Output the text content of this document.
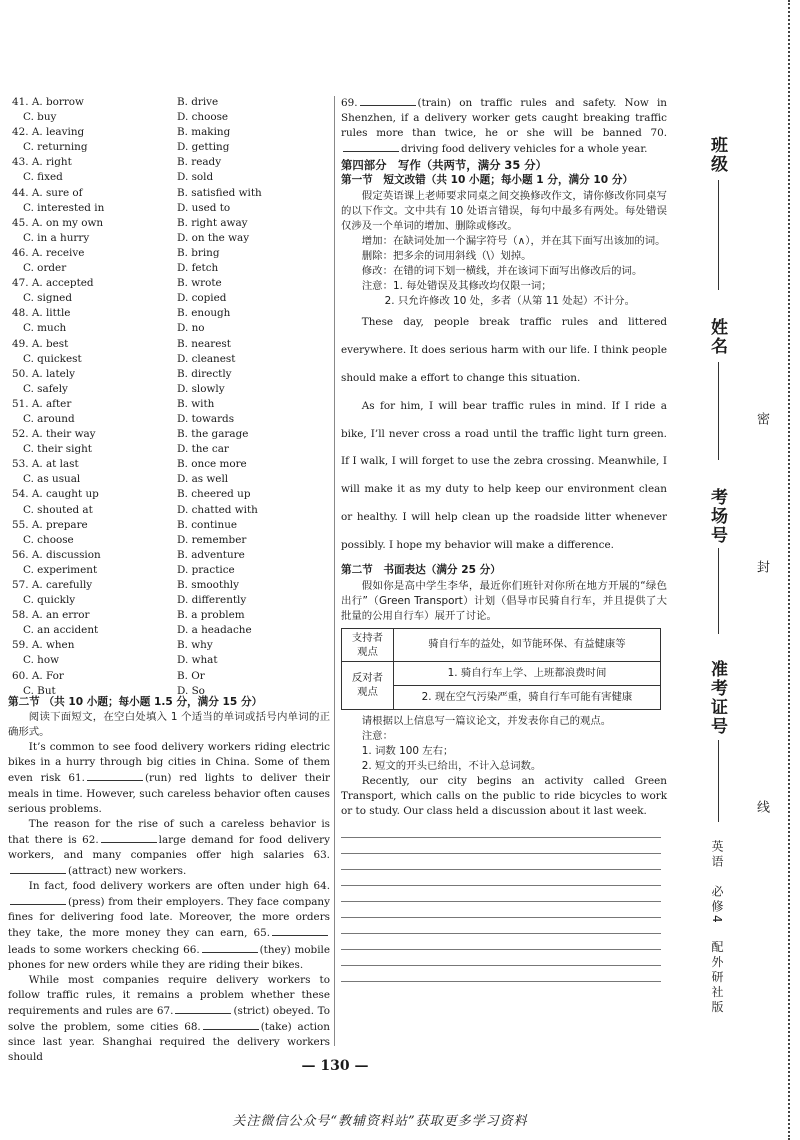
41. A. borrow	B. drive
C. buy	D. choose
42. A. leaving	B. making
C. returning	D. getting
43. A. right	B. ready
C. fixed	D. sold
44. A. sure of	B. satisfied with
C. interested in	D. used to
45. A. on my own	B. right away
C. in a hurry	D. on the way
46. A. receive	B. bring
C. order	D. fetch
47. A. accepted	B. wrote
C. signed	D. copied
48. A. little	B. enough
C. much	D. no
49. A. best	B. nearest
C. quickest	D. cleanest
50. A. lately	B. directly
C. safely	D. slowly
51. A. after	B. with
C. around	D. towards
52. A. their way	B. the garage
C. their sight	D. the car
53. A. at last	B. once more
C. as usual	D. as well
54. A. caught up	B. cheered up
C. shouted at	D. chatted with
55. A. prepare	B. continue
C. choose	D. remember
56. A. discussion	B. adventure
C. experiment	D. practice
57. A. carefully	B. smoothly
C. quickly	D. differently
58. A. an error	B. a problem
C. an accident	D. a headache
59. A. when	B. why
C. how	D. what
60. A. For	B. Or
C. But	D. So
第二节 （共 10 小题；每小题 1.5 分，满分 15 分）
阅读下面短文，在空白处填入 1 个适当的单词或括号内单词的正确形式。
It’s common to see food delivery workers riding electric bikes in a hurry through big cities in China. Some of them even risk 61.	(run) red lights to deliver their meals in time. However, such careless behavior often causes serious problems.
The reason for the rise of such a careless behavior is that there is 62.	large demand for food delivery workers, and many companies offer high salaries 63.(attract) new workers.
In fact, food delivery workers are often under high 64.(press) from their employers. They face company fines for delivering food late. Moreover, the more orders they take, the more money they can earn, 65.leads to some workers checking 66.	(they) mobile phones for new orders while they are riding their bikes.
While most companies require delivery workers to follow traffic rules, it remains a problem whether these requirements and rules are 67.	(strict) obeyed. To solve the problem, some cities 68.	(take) action since last year. Shanghai required the delivery workers should
69.	(train) on traffic rules and safety. Now in Shenzhen, if a delivery worker gets caught breaking traffic rules more than twice, he or she will be banned 70.driving food delivery vehicles for a whole year.
第四部分　写作（共两节，满分 35 分）
第一节　短文改错（共 10 小题；每小题 1 分，满分 10 分）
假定英语课上老师要求同桌之间交换修改作文，请你修改你同桌写的以下作文。文中共有 10 处语言错误，每句中最多有两处。每处错误仅涉及一个单词的增加、删除或修改。
增加：在缺词处加一个漏字符号（∧），并在其下面写出该加的词。
删除：把多余的词用斜线（\）划掉。
修改：在错的词下划一横线，并在该词下面写出修改后的词。
注意：1. 每处错误及其修改均仅限一词；
2. 只允许修改 10 处，多者（从第 11 处起）不计分。
These day, people break traffic rules and littered everywhere. It does serious harm with our life. I think people should make a effort to change this situation.
As for him, I will bear traffic rules in mind. If I ride a bike, I’ll never cross a road until the traffic light turn green. If I walk, I will forget to use the zebra crossing. Meanwhile, I will make it as my duty to help keep our environment clean or healthy. I will help clean up the roadside litter whenever possibly. I hope my behavior will make a difference.
第二节　书面表达（满分 25 分）
假如你是高中学生李华，最近你们班针对你所在地方开展的“绿色出行”（Green Transport）计划（倡导市民骑自行车，并且提供了大批量的公用自行车）展开了讨论。
支持者观点	骑自行车的益处，如节能环保、有益健康等
反对者观点	1. 骑自行车上学、上班都浪费时间
	2. 现在空气污染严重，骑自行车可能有害健康
请根据以上信息写一篇议论文，并发表你自己的观点。
注意：
1. 词数 100 左右；
2. 短文的开头已给出，不计入总词数。
Recently, our city begins an activity called Green Transport, which calls on the public to ride bicycles to work or to study. Our class held a discussion about it last week.
— 130 —
关注微信公众号“教辅资料站”获取更多学习资料
班级
姓名
考场号
准考证号
密
封
线
英语　必修4　配外研社版
